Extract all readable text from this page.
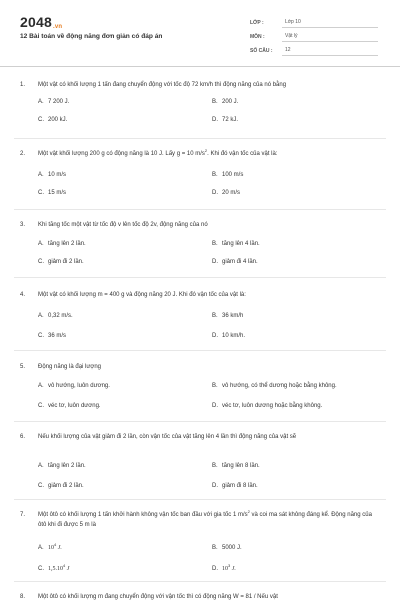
2048.vn
12 Bài toán về động năng đơn giản có đáp án
LỚP :	Lớp 10
MÔN :	Vật lý
SỐ CÂU :	12
1.	Một vật có khối lượng 1 tấn đang chuyển động với tốc độ 72 km/h thì động năng của nó bằng
A. 7 200 J.	B. 200 J.
C. 200 kJ.	D. 72 kJ.
2.	Một vật khối lượng 200 g có động năng là 10 J. Lấy g = 10 $m/s^2$. Khi đó vận tốc của vật là:
A. 10 m/s	B. 100 m/s
C. 15 m/s	D. 20 m/s
3.	Khi tăng tốc một vật từ tốc độ v lên tốc độ 2v, động năng của nó
A. tăng lên 2 lần.	B. tăng lên 4 lần.
C. giảm đi 2 lần.	D. giảm đi 4 lần.
4.	Một vật có khối lượng m = 400 g và động năng 20 J. Khi đó vận tốc của vật là:
A. 0,32 m/s.	B. 36 km/h
C. 36 m/s	D. 10 km/h.
5.	Động năng là đại lượng
A. vô hướng, luôn dương.	B. vô hướng, có thể dương hoặc bằng không.
C. véc tơ, luôn dương.	D. véc tơ, luôn dương hoặc bằng không.
6.	Nếu khối lượng của vật giảm đi 2 lần, còn vận tốc của vật tăng lên 4 lần thì động năng của vật sẽ
A. tăng lên 2 lần.	B. tăng lên 8 lần.
C. giảm đi 2 lần.	D. giảm đi 8 lần.
7.	Một ôtô có khối lượng 1 tấn khởi hành không vận tốc ban đầu với gia tốc 1 $m/s^2$ và coi ma sát không đáng kể. Động năng của ôtô khi đi được 5 m là
A. $10^4$ J.	B. 5000 J.
C. 1,5.10$^4$ J	D. $10^3$ J.
8.	Một ôtô có khối lượng m đang chuyển động với vận tốc thì có động năng W = 81 / Nếu vật
